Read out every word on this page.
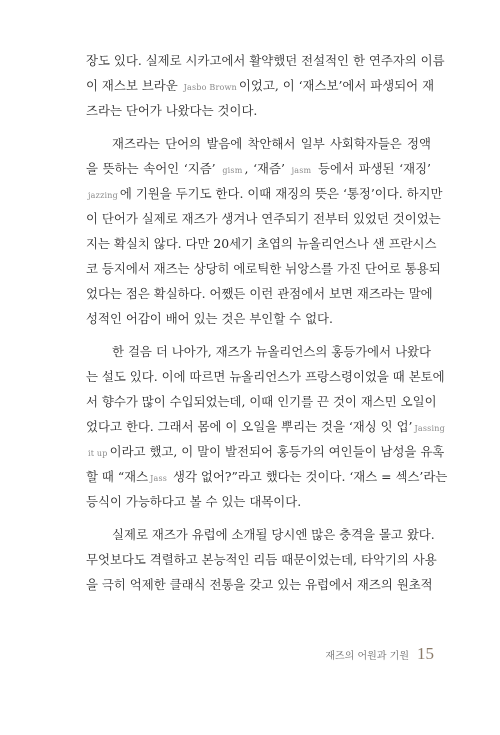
장도 있다. 실제로 시카고에서 활약했던 전설적인 한 연주자의 이름
이 재스보 브라운 Jasbo Brown 이었고, 이 ‘재스보’에서 파생되어 재
즈라는 단어가 나왔다는 것이다.
재즈라는 단어의 발음에 착안해서 일부 사회학자들은 정액
을 뜻하는 속어인 ‘지즘’ gism , ‘재즘’ jasm 등에서 파생된 ‘재징’
jazzing 에 기원을 두기도 한다. 이때 재징의 뜻은 ‘통정’이다. 하지만
이 단어가 실제로 재즈가 생겨나 연주되기 전부터 있었던 것이었는
지는 확실치 않다. 다만 20세기 초엽의 뉴올리언스나 샌 프란시스
코 등지에서 재즈는 상당히 에로틱한 뉘앙스를 가진 단어로 통용되
었다는 점은 확실하다. 어쨌든 이런 관점에서 보면 재즈라는 말에
성적인 어감이 배어 있는 것은 부인할 수 없다.
한 걸음 더 나아가, 재즈가 뉴올리언스의 홍등가에서 나왔다
는 설도 있다. 이에 따르면 뉴올리언스가 프랑스령이었을 때 본토에
서 향수가 많이 수입되었는데, 이때 인기를 끈 것이 재스민 오일이
었다고 한다. 그래서 몸에 이 오일을 뿌리는 것을 ‘재싱 잇 업’ Jassing
it up 이라고 했고, 이 말이 발전되어 홍등가의 여인들이 남성을 유혹
할 때 “재스 Jass 생각 없어?”라고 했다는 것이다. ‘재스 = 섹스’라는
등식이 가능하다고 볼 수 있는 대목이다.
실제로 재즈가 유럽에 소개될 당시엔 많은 충격을 몰고 왔다.
무엇보다도 격렬하고 본능적인 리듬 때문이었는데, 타악기의 사용
을 극히 억제한 클래식 전통을 갖고 있는 유럽에서 재즈의 원초적
재즈의 어원과 기원 15
